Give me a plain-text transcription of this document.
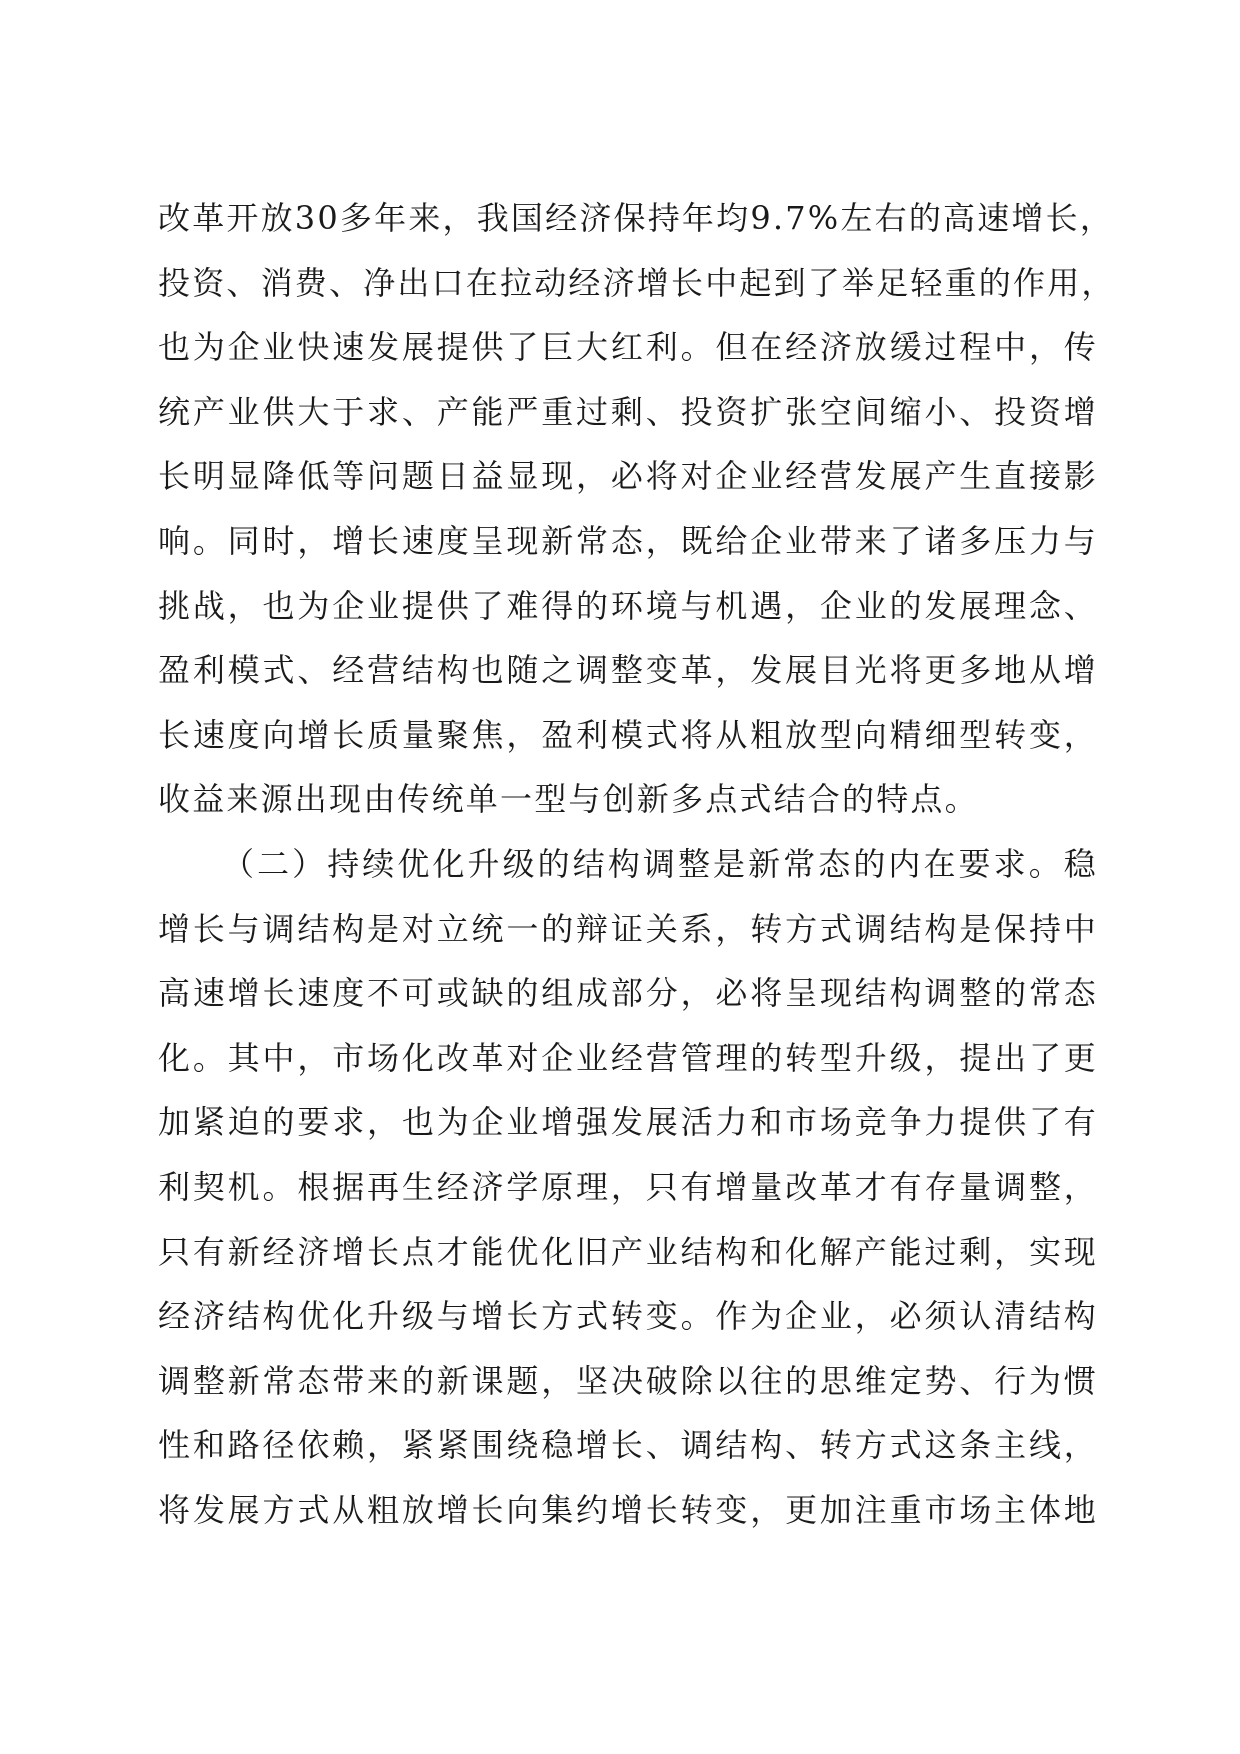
改革开放30多年来，我国经济保持年均9.7%左右的高速增长，
投资、消费、净出口在拉动经济增长中起到了举足轻重的作用，
也为企业快速发展提供了巨大红利。但在经济放缓过程中，传
统产业供大于求、产能严重过剩、投资扩张空间缩小、投资增
长明显降低等问题日益显现，必将对企业经营发展产生直接影
响。同时，增长速度呈现新常态，既给企业带来了诸多压力与
挑战，也为企业提供了难得的环境与机遇，企业的发展理念、
盈利模式、经营结构也随之调整变革，发展目光将更多地从增
长速度向增长质量聚焦，盈利模式将从粗放型向精细型转变，
收益来源出现由传统单一型与创新多点式结合的特点。
（二）持续优化升级的结构调整是新常态的内在要求。稳
增长与调结构是对立统一的辩证关系，转方式调结构是保持中
高速增长速度不可或缺的组成部分，必将呈现结构调整的常态
化。其中，市场化改革对企业经营管理的转型升级，提出了更
加紧迫的要求，也为企业增强发展活力和市场竞争力提供了有
利契机。根据再生经济学原理，只有增量改革才有存量调整，
只有新经济增长点才能优化旧产业结构和化解产能过剩，实现
经济结构优化升级与增长方式转变。作为企业，必须认清结构
调整新常态带来的新课题，坚决破除以往的思维定势、行为惯
性和路径依赖，紧紧围绕稳增长、调结构、转方式这条主线，
将发展方式从粗放增长向集约增长转变，更加注重市场主体地
